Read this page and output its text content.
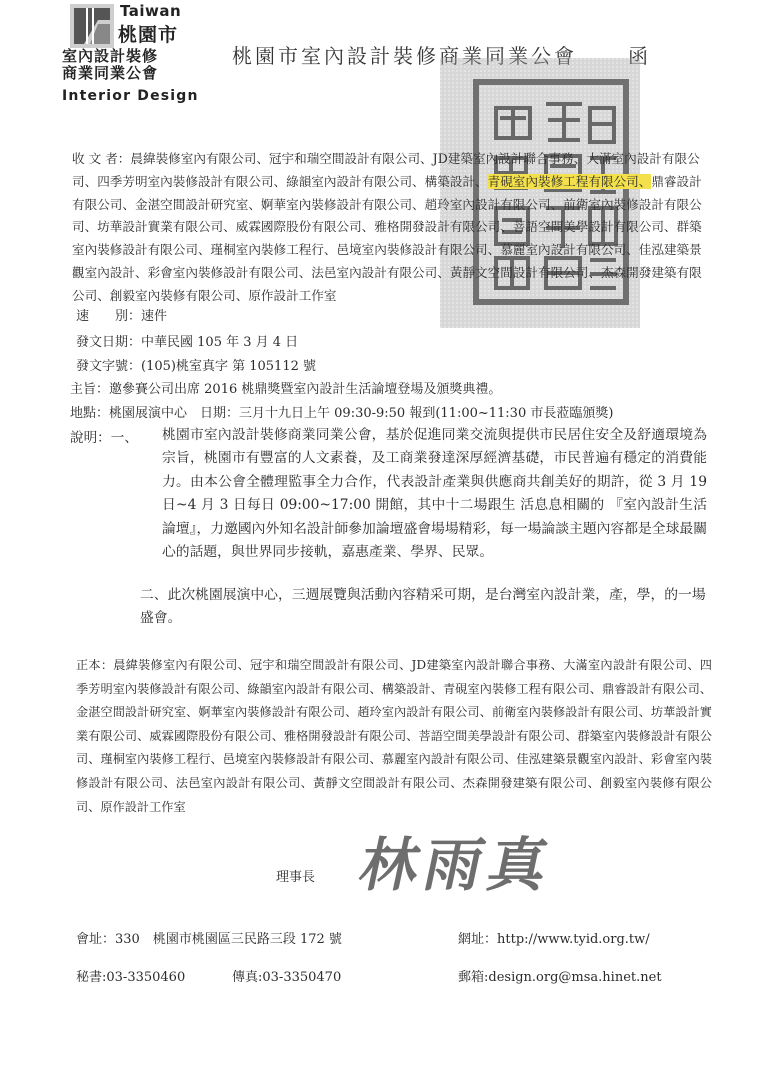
Taiwan
桃園市
室內設計裝修
商業同業公會
Interior Design
桃園市室內設計裝修商業同業公會	函
收 文 者：晨緯裝修室內有限公司、冠宇和瑞空間設計有限公司、JD建築室內設計聯合事務、大滿室內設計有限公司、四季芳明室內裝修設計有限公司、綠韻室內設計有限公司、構築設計、青硯室內裝修工程有限公司、鼎睿設計有限公司、金湛空間設計研究室、婀華室內裝修設計有限公司、趙玲室內設計有限公司、前衛室內裝修設計有限公司、坊華設計實業有限公司、威霖國際股份有限公司、雅格開發設計有限公司、菩語空間美學設計有限公司、群築室內裝修設計有限公司、瑾桐室內裝修工程行、邑境室內裝修設計有限公司、慕麗室內設計有限公司、佳泓建築景觀室內設計、彩會室內裝修設計有限公司、法邑室內設計有限公司、黃靜文空間設計有限公司、杰森開發建築有限公司、創毅室內裝修有限公司、原作設計工作室
速　　別：速件
發文日期：中華民國 105 年 3 月 4 日
發文字號：(105)桃室真字 第 105112 號
主旨：邀參賽公司出席 2016 桃鼎獎暨室內設計生活論壇登場及頒獎典禮。
地點：桃園展演中心　日期：三月十九日上午 09:30-9:50 報到(11:00~11:30 市長蒞臨頒獎)
說明：一、 桃園市室內設計裝修商業同業公會，基於促進同業交流與提供市民居住安全及舒適環境為宗旨，桃園市有豐富的人文素養，及工商業發達深厚經濟基礎，市民普遍有穩定的消費能力。由本公會全體理監事全力合作，代表設計產業與供應商共創美好的期許，從 3 月 19 日~4 月 3 日每日 09:00~17:00 開館，其中十二場跟生 活息息相關的 『室內設計生活論壇』，力邀國內外知名設計師參加論壇盛會場場精彩，每一場論談主題內容都是全球最關心的話題，與世界同步接軌，嘉惠產業、學界、民眾。
二、此次桃園展演中心，三週展覽與活動內容精采可期，是台灣室內設計業，產，學，的一場盛會。
正本：晨緯裝修室內有限公司、冠宇和瑞空間設計有限公司、JD建築室內設計聯合事務、大滿室內設計有限公司、四季芳明室內裝修設計有限公司、綠韻室內設計有限公司、構築設計、青硯室內裝修工程有限公司、鼎睿設計有限公司、金湛空間設計研究室、婀華室內裝修設計有限公司、趙玲室內設計有限公司、前衛室內裝修設計有限公司、坊華設計實業有限公司、威霖國際股份有限公司、雅格開發設計有限公司、菩語空間美學設計有限公司、群築室內裝修設計有限公司、瑾桐室內裝修工程行、邑境室內裝修設計有限公司、慕麗室內設計有限公司、佳泓建築景觀室內設計、彩會室內裝修設計有限公司、法邑室內設計有限公司、黃靜文空間設計有限公司、杰森開發建築有限公司、創毅室內裝修有限公司、原作設計工作室
理事長 林雨真
會址：330　桃園市桃園區三民路三段 172 號	網址：http://www.tyid.org.tw/
秘書:03-3350460	傳真:03-3350470	郵箱:design.org@msa.hinet.net
